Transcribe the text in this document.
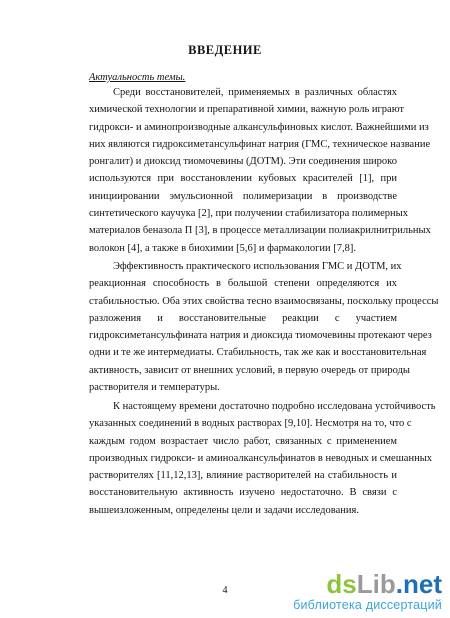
ВВЕДЕНИЕ
Актуальность темы.
Среди восстановителей, применяемых в различных областях
химической технологии и препаративной химии, важную роль играют
гидрокси- и аминопроизводные алкансульфиновых кислот. Важнейшими из
них являются гидроксиметансульфинат натрия (ГМС, техническое название
ронгалит) и диоксид тиомочевины (ДОТМ). Эти соединения широко
используются при восстановлении кубовых красителей [1], при
инициировании эмульсионной полимеризации в производстве
синтетического каучука [2], при получении стабилизатора полимерных
материалов беназола П [3], в процессе металлизации полиакрилнитрильных
волокон [4], а также в биохимии [5,6] и фармакологии [7,8].
Эффективность практического использования ГМС и ДОТМ, их
реакционная способность в большой степени определяются их
стабильностью. Оба этих свойства тесно взаимосвязаны, поскольку процессы
разложения и восстановительные реакции с участием
гидроксиметансульфината натрия и диоксида тиомочевины протекают через
одни и те же интермедиаты. Стабильность, так же как и восстановительная
активность, зависит от внешних условий, в первую очередь от природы
растворителя и температуры.
К настоящему времени достаточно подробно исследована устойчивость
указанных соединений в водных растворах [9,10]. Несмотря на то, что с
каждым годом возрастает число работ, связанных с применением
производных гидрокси- и аминоалкансульфинатов в неводных и смешанных
растворителях [11,12,13], влияние растворителей на стабильность и
восстановительную активность изучено недостаточно. В связи с
вышеизложенным, определены цели и задачи исследования.
4	dsLib.net
библиотека диссертаций
